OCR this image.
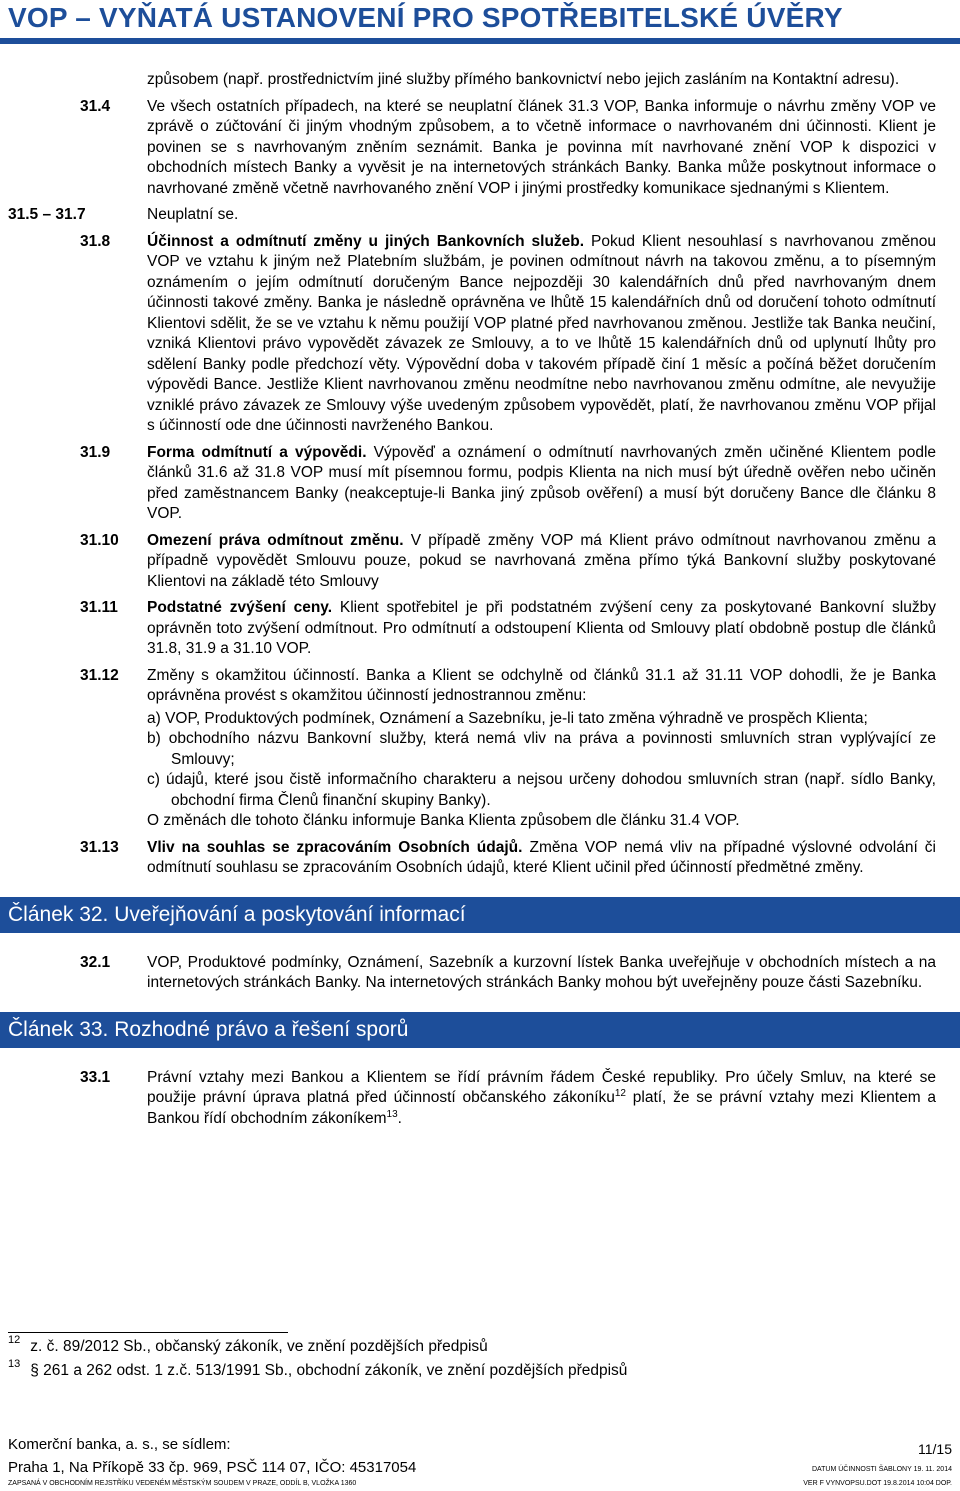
VOP – VYŇATÁ USTANOVENÍ PRO SPOTŘEBITELSKÉ ÚVĚRY
způsobem (např. prostřednictvím jiné služby přímého bankovnictví nebo jejich zasláním na Kontaktní adresu).
31.4 Ve všech ostatních případech, na které se neuplatní článek 31.3 VOP, Banka informuje o návrhu změny VOP ve zprávě o zúčtování či jiným vhodným způsobem, a to včetně informace o navrhovaném dni účinnosti. Klient je povinen se s navrhovaným zněním seznámit. Banka je povinna mít navrhované znění VOP k dispozici v obchodních místech Banky a vyvěsit je na internetových stránkách Banky. Banka může poskytnout informace o navrhované změně včetně navrhovaného znění VOP i jinými prostředky komunikace sjednanými s Klientem.
31.5 – 31.7	Neuplatní se.
31.8 Účinnost a odmítnutí změny u jiných Bankovních služeb. Pokud Klient nesouhlasí s navrhovanou změnou VOP ve vztahu k jiným než Platebním službám, je povinen odmítnout návrh na takovou změnu, a to písemným oznámením o jejím odmítnutí doručeným Bance nejpozději 30 kalendářních dnů před navrhovaným dnem účinnosti takové změny. Banka je následně oprávněna ve lhůtě 15 kalendářních dnů od doručení tohoto odmítnutí Klientovi sdělit, že se ve vztahu k němu použijí VOP platné před navrhovanou změnou. Jestliže tak Banka neučiní, vzniká Klientovi právo vypovědět závazek ze Smlouvy, a to ve lhůtě 15 kalendářních dnů od uplynutí lhůty pro sdělení Banky podle předchozí věty. Výpovědní doba v takovém případě činí 1 měsíc a počíná běžet doručením výpovědi Bance. Jestliže Klient navrhovanou změnu neodmítne nebo navrhovanou změnu odmítne, ale nevyužije vzniklé právo závazek ze Smlouvy výše uvedeným způsobem vypovědět, platí, že navrhovanou změnu VOP přijal s účinností ode dne účinnosti navrženého Bankou.
31.9 Forma odmítnutí a výpovědi. Výpověď a oznámení o odmítnutí navrhovaných změn učiněné Klientem podle článků 31.6 až 31.8 VOP musí mít písemnou formu, podpis Klienta na nich musí být úředně ověřen nebo učiněn před zaměstnancem Banky (neakceptuje-li Banka jiný způsob ověření) a musí být doručeny Bance dle článku 8 VOP.
31.10 Omezení práva odmítnout změnu. V případě změny VOP má Klient právo odmítnout navrhovanou změnu a případně vypovědět Smlouvu pouze, pokud se navrhovaná změna přímo týká Bankovní služby poskytované Klientovi na základě této Smlouvy
31.11 Podstatné zvýšení ceny. Klient spotřebitel je při podstatném zvýšení ceny za poskytované Bankovní služby oprávněn toto zvýšení odmítnout. Pro odmítnutí a odstoupení Klienta od Smlouvy platí obdobně postup dle článků 31.8, 31.9 a 31.10 VOP.
31.12 Změny s okamžitou účinností. Banka a Klient se odchylně od článků 31.1 až 31.11 VOP dohodli, že je Banka oprávněna provést s okamžitou účinností jednostrannou změnu:
a) VOP, Produktových podmínek, Oznámení a Sazebníku, je-li tato změna výhradně ve prospěch Klienta;
b) obchodního názvu Bankovní služby, která nemá vliv na práva a povinnosti smluvních stran vyplývající ze Smlouvy;
c) údajů, které jsou čistě informačního charakteru a nejsou určeny dohodou smluvních stran (např. sídlo Banky, obchodní firma Členů finanční skupiny Banky).
O změnách dle tohoto článku informuje Banka Klienta způsobem dle článku 31.4 VOP.
31.13 Vliv na souhlas se zpracováním Osobních údajů. Změna VOP nemá vliv na případné výslovné odvolání či odmítnutí souhlasu se zpracováním Osobních údajů, které Klient učinil před účinností předmětné změny.
Článek 32. Uveřejňování a poskytování informací
32.1 VOP, Produktové podmínky, Oznámení, Sazebník a kurzovní lístek Banka uveřejňuje v obchodních místech a na internetových stránkách Banky. Na internetových stránkách Banky mohou být uveřejněny pouze části Sazebníku.
Článek 33. Rozhodné právo a řešení sporů
33.1 Právní vztahy mezi Bankou a Klientem se řídí právním řádem České republiky. Pro účely Smluv, na které se použije právní úprava platná před účinností občanského zákoníku$^{12}$ platí, že se právní vztahy mezi Klientem a Bankou řídí obchodním zákoníkem$^{13}$.
$^{12}$ z. č. 89/2012 Sb., občanský zákoník, ve znění pozdějších předpisů
$^{13}$ § 261 a 262 odst. 1 z.č. 513/1991 Sb., obchodní zákoník, ve znění pozdějších předpisů
Komerční banka, a. s., se sídlem:
Praha 1, Na Příkopě 33 čp. 969, PSČ 114 07, IČO: 45317054
ZAPSANÁ V OBCHODNÍM REJSTŘÍKU VEDENÉM MĚSTSKÝM SOUDEM V PRAZE, ODDÍL B, VLOŽKA 1360
11/15
DATUM ÚČINNOSTI ŠABLONY 19. 11. 2014
VER F VYNVOPSU.DOT 19.8.2014 10:04 DOP.
